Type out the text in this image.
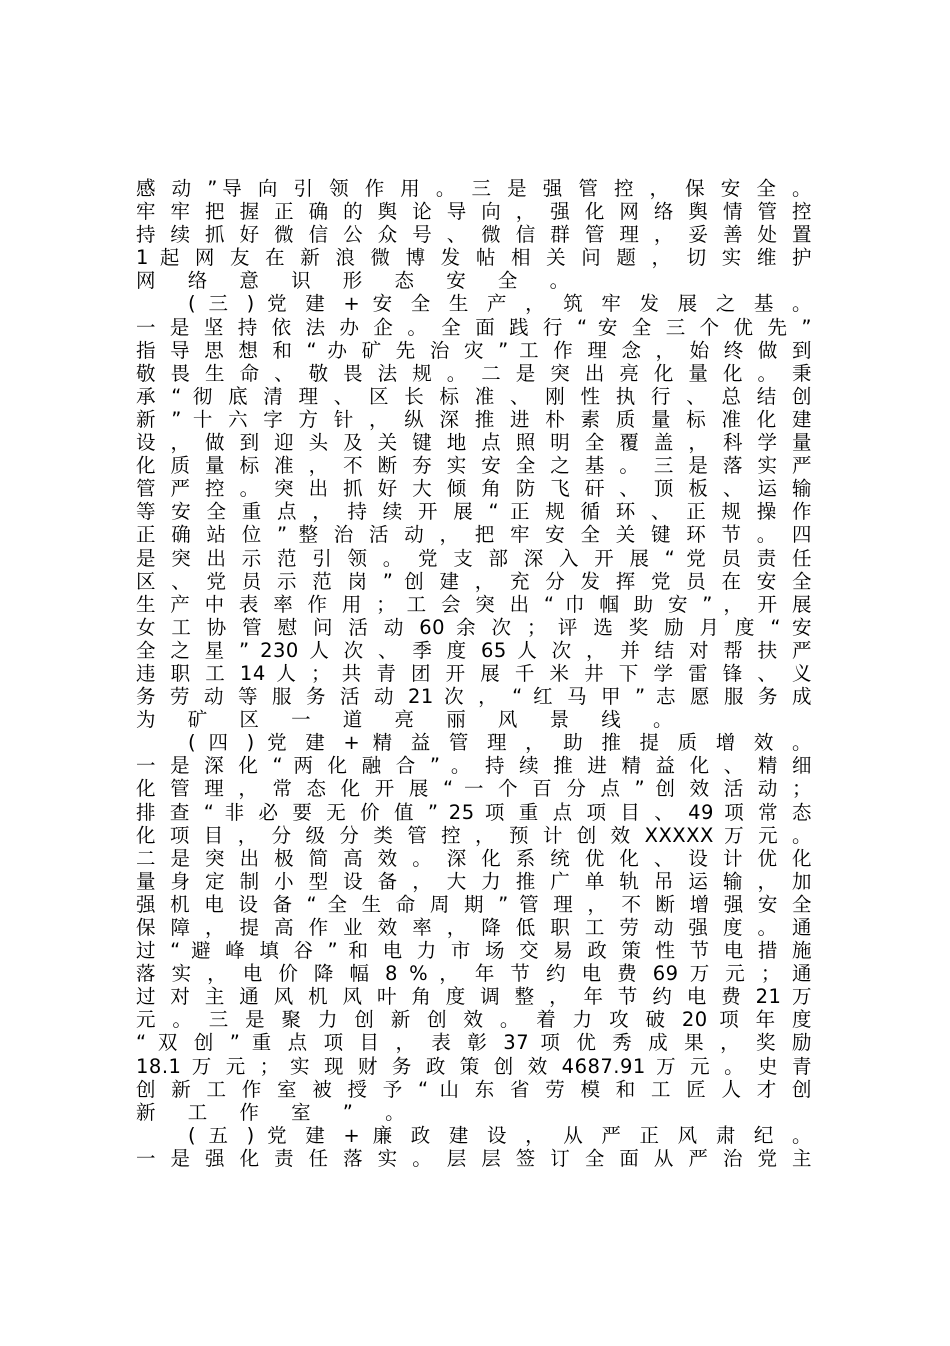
感 动 ”导 向 引 领 作 用 。 三 是 强 管 控 ， 保 安 全 。
牢 牢 把 握 正 确 的 舆 论 导 向 ， 强 化 网 络 舆 情 管 控
持 续 抓 好 微 信 公 众 号 、 微 信 群 管 理 ， 妥 善 处 置
1 起 网 友 在 新 浪 微 博 发 帖 相 关 问 题 ， 切 实 维 护
网 络 意 识 形 态 安 全 。
( 三 ) 党 建 + 安 全 生 产 ， 筑 牢 发 展 之 基 。
一 是 坚 持 依 法 办 企 。 全 面 践 行 “ 安 全 三 个 优 先 ”
指 导 思 想 和 “ 办 矿 先 治 灾 ” 工 作 理 念 ， 始 终 做 到
敬 畏 生 命 、 敬 畏 法 规 。 二 是 突 出 亮 化 量 化 。 秉
承 “ 彻 底 清 理 、 区 长 标 准 、 刚 性 执 行 、 总 结 创
新 ” 十 六 字 方 针 ， 纵 深 推 进 朴 素 质 量 标 准 化 建
设 ， 做 到 迎 头 及 关 键 地 点 照 明 全 覆 盖 ， 科 学 量
化 质 量 标 准 ， 不 断 夯 实 安 全 之 基 。 三 是 落 实 严
管 严 控 。 突 出 抓 好 大 倾 角 防 飞 矸 、 顶 板 、 运 输
等 安 全 重 点 ， 持 续 开 展 “ 正 规 循 环 、 正 规 操 作
正 确 站 位 ” 整 治 活 动 ， 把 牢 安 全 关 键 环 节 。 四
是 突 出 示 范 引 领 。 党 支 部 深 入 开 展 “ 党 员 责 任
区 、 党 员 示 范 岗 ” 创 建 ， 充 分 发 挥 党 员 在 安 全
生 产 中 表 率 作 用 ； 工 会 突 出 “ 巾 帼 助 安 ” ， 开 展
女 工 协 管 慰 问 活 动 60 余 次 ； 评 选 奖 励 月 度 “ 安
全 之 星 ” 230 人 次 、 季 度 65 人 次 ， 并 结 对 帮 扶 严
违 职 工 14 人 ； 共 青 团 开 展 千 米 井 下 学 雷 锋 、 义
务 劳 动 等 服 务 活 动 21 次 ， “ 红 马 甲 ” 志 愿 服 务 成
为 矿 区 一 道 亮 丽 风 景 线 。
( 四 ) 党 建 + 精 益 管 理 ， 助 推 提 质 增 效 。
一 是 深 化 “ 两 化 融 合 ” 。 持 续 推 进 精 益 化 、 精 细
化 管 理 ， 常 态 化 开 展 “ 一 个 百 分 点 ” 创 效 活 动 ；
排 查 “ 非 必 要 无 价 值 ” 25 项 重 点 项 目 、 49 项 常 态
化 项 目 ， 分 级 分 类 管 控 ， 预 计 创 效 XXXXX 万 元 。
二 是 突 出 极 简 高 效 。 深 化 系 统 优 化 、 设 计 优 化
量 身 定 制 小 型 设 备 ， 大 力 推 广 单 轨 吊 运 输 ， 加
强 机 电 设 备 “ 全 生 命 周 期 ” 管 理 ， 不 断 增 强 安 全
保 障 ， 提 高 作 业 效 率 ， 降 低 职 工 劳 动 强 度 。 通
过 “ 避 峰 填 谷 ” 和 电 力 市 场 交 易 政 策 性 节 电 措 施
落 实 ， 电 价 降 幅 8 % ， 年 节 约 电 费 69 万 元 ； 通
过 对 主 通 风 机 风 叶 角 度 调 整 ， 年 节 约 电 费 21 万
元 。 三 是 聚 力 创 新 创 效 。 着 力 攻 破 20 项 年 度
“ 双 创 ” 重 点 项 目 ， 表 彰 37 项 优 秀 成 果 ， 奖 励
18.1 万 元 ； 实 现 财 务 政 策 创 效 4687.91 万 元 。 史 青
创 新 工 作 室 被 授 予 “ 山 东 省 劳 模 和 工 匠 人 才 创
新 工 作 室 ” 。
( 五 ) 党 建 + 廉 政 建 设 ， 从 严 正 风 肃 纪 。
一 是 强 化 责 任 落 实 。 层 层 签 订 全 面 从 严 治 党 主
